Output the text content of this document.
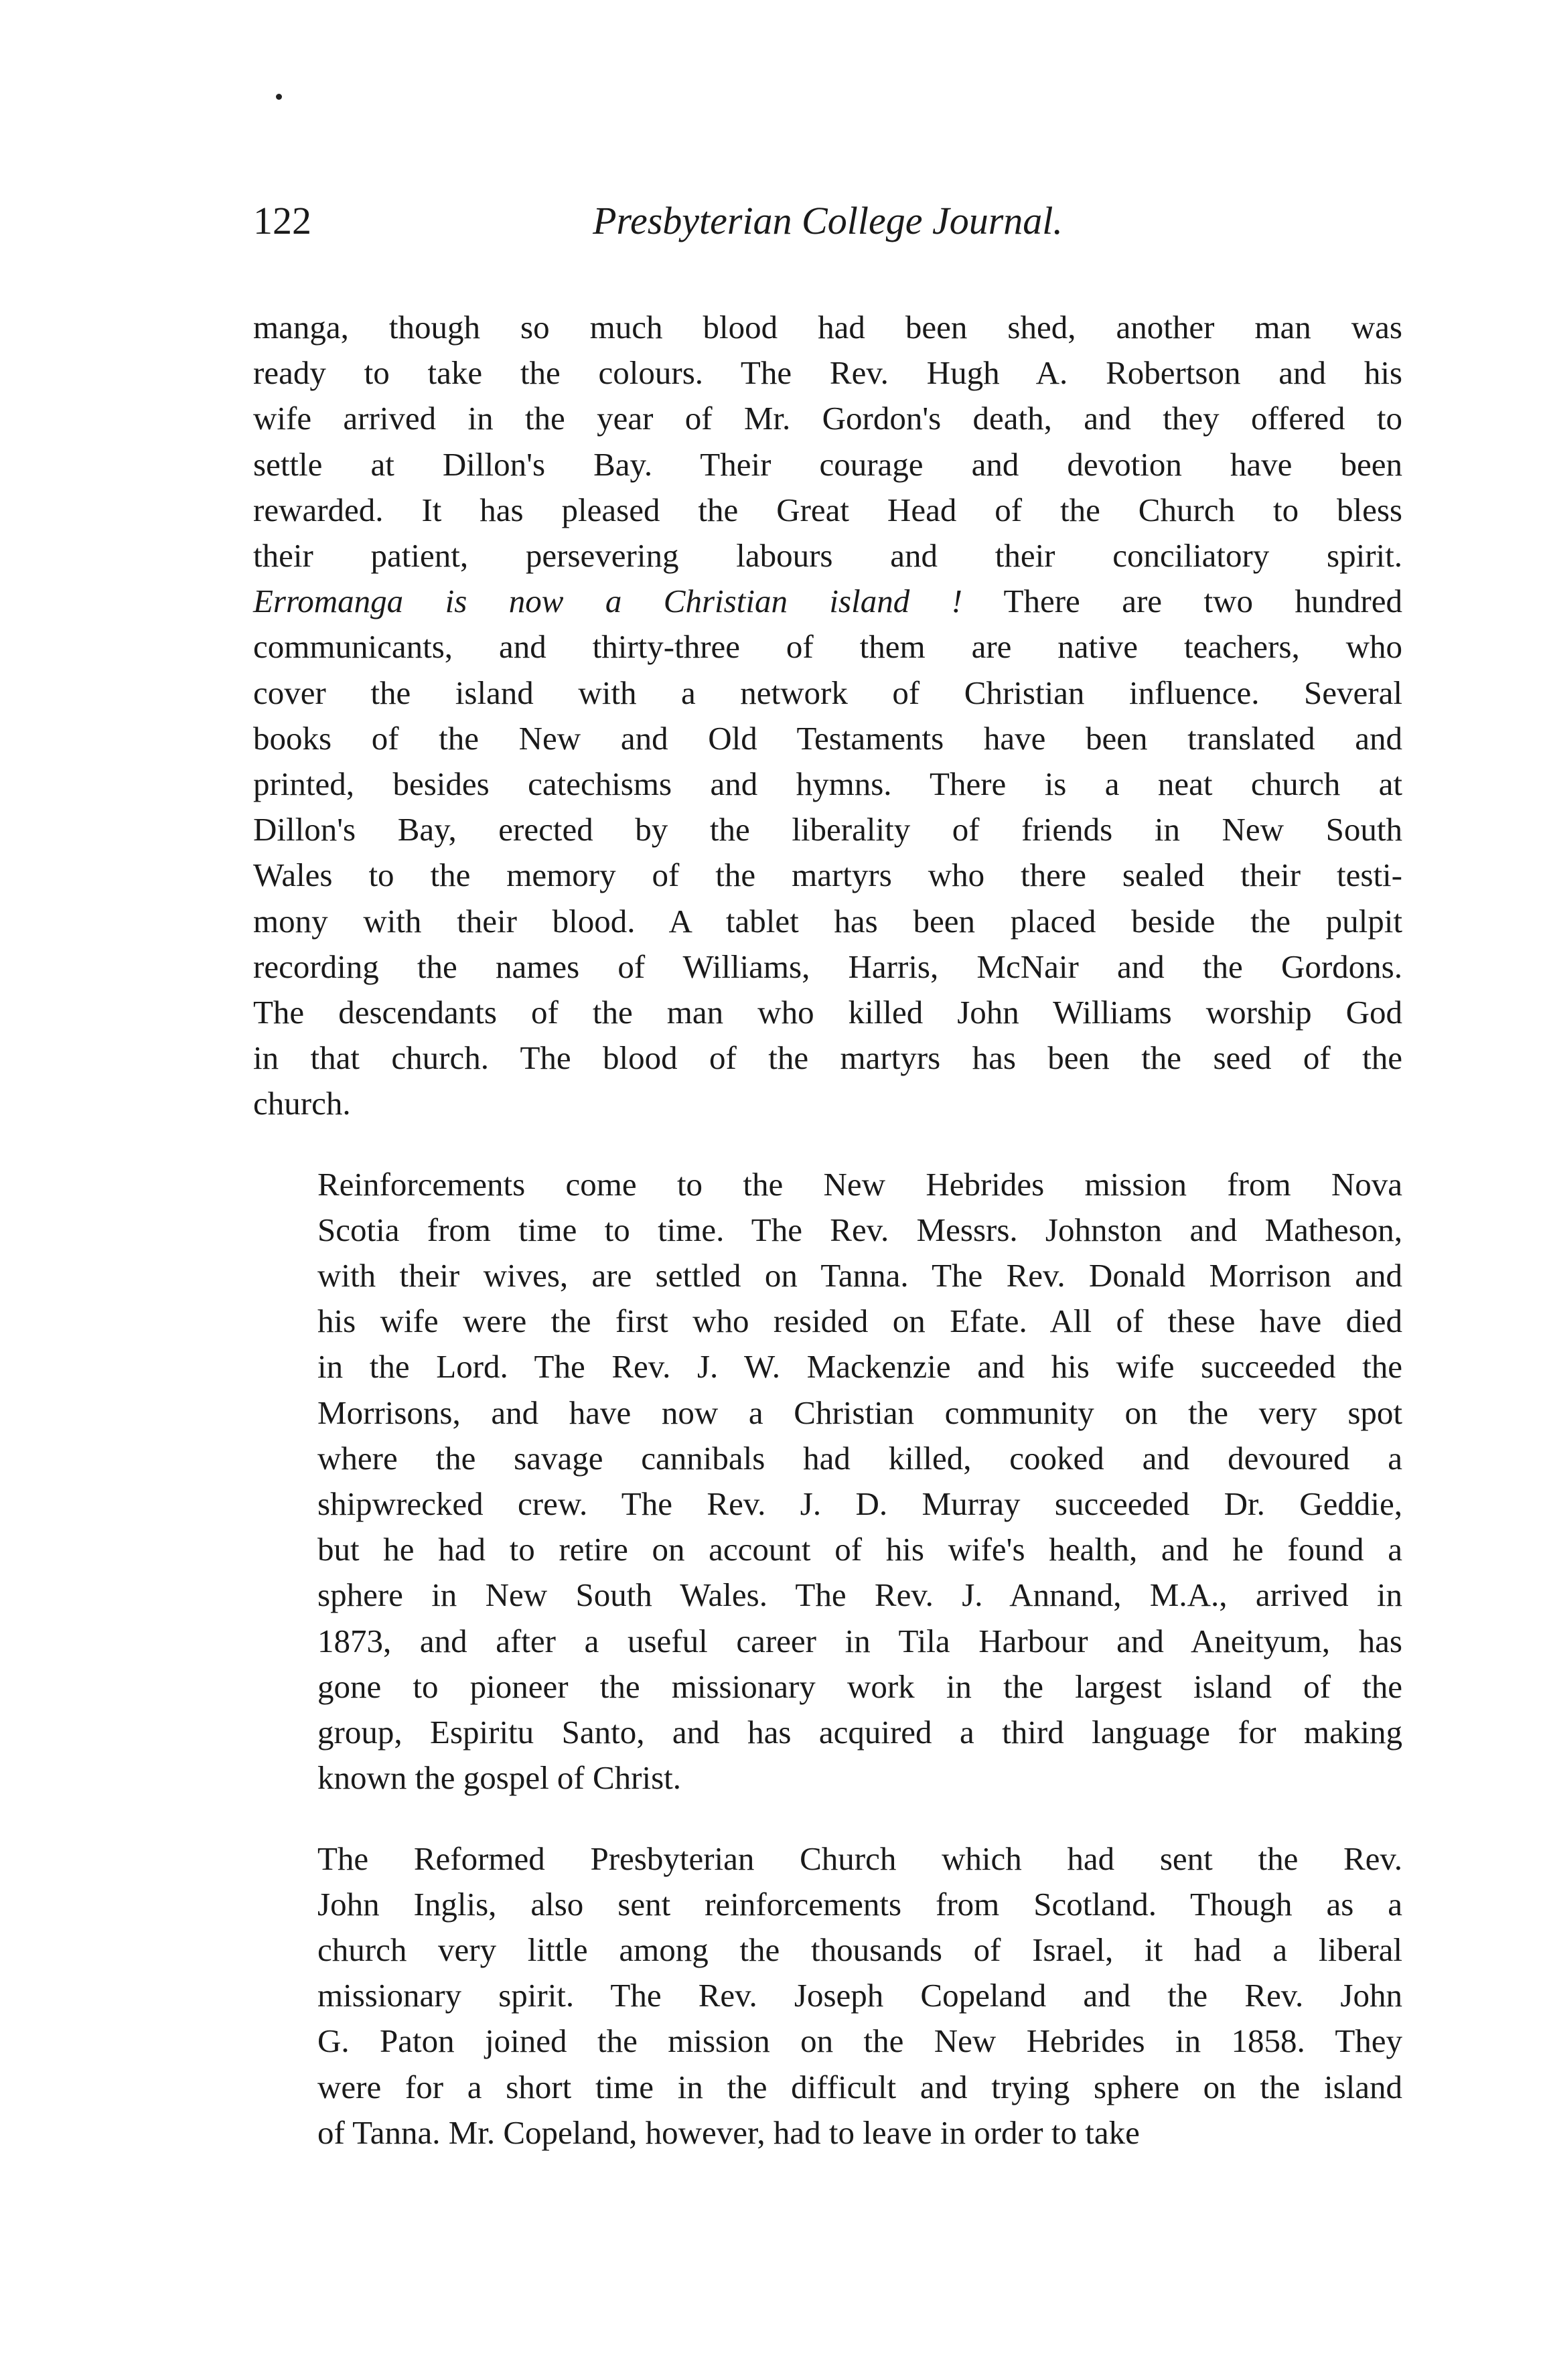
122	Presbyterian College Journal.

manga, though so much blood had been shed, another man was
ready to take the colours. The Rev. Hugh A. Robertson and his
wife arrived in the year of Mr. Gordon's death, and they offered to
settle at Dillon's Bay. Their courage and devotion have been
rewarded. It has pleased the Great Head of the Church to bless
their patient, persevering labours and their conciliatory spirit.
Erromanga is now a Christian island ! There are two hundred
communicants, and thirty-three of them are native teachers, who
cover the island with a network of Christian influence. Several
books of the New and Old Testaments have been translated and
printed, besides catechisms and hymns. There is a neat church at
Dillon's Bay, erected by the liberality of friends in New South
Wales to the memory of the martyrs who there sealed their testi-
mony with their blood. A tablet has been placed beside the pulpit
recording the names of Williams, Harris, McNair and the Gordons.
The descendants of the man who killed John Williams worship God
in that church. The blood of the martyrs has been the seed of the
church.

Reinforcements come to the New Hebrides mission from Nova
Scotia from time to time. The Rev. Messrs. Johnston and Matheson,
with their wives, are settled on Tanna. The Rev. Donald Morrison and
his wife were the first who resided on Efate. All of these have died
in the Lord. The Rev. J. W. Mackenzie and his wife succeeded the
Morrisons, and have now a Christian community on the very spot
where the savage cannibals had killed, cooked and devoured a
shipwrecked crew. The Rev. J. D. Murray succeeded Dr. Geddie,
but he had to retire on account of his wife's health, and he found a
sphere in New South Wales. The Rev. J. Annand, M.A., arrived in
1873, and after a useful career in Tila Harbour and Aneityum, has
gone to pioneer the missionary work in the largest island of the
group, Espiritu Santo, and has acquired a third language for making
known the gospel of Christ.

The Reformed Presbyterian Church which had sent the Rev.
John Inglis, also sent reinforcements from Scotland. Though as a
church very little among the thousands of Israel, it had a liberal
missionary spirit. The Rev. Joseph Copeland and the Rev. John
G. Paton joined the mission on the New Hebrides in 1858. They
were for a short time in the difficult and trying sphere on the island
of Tanna. Mr. Copeland, however, had to leave in order to take
